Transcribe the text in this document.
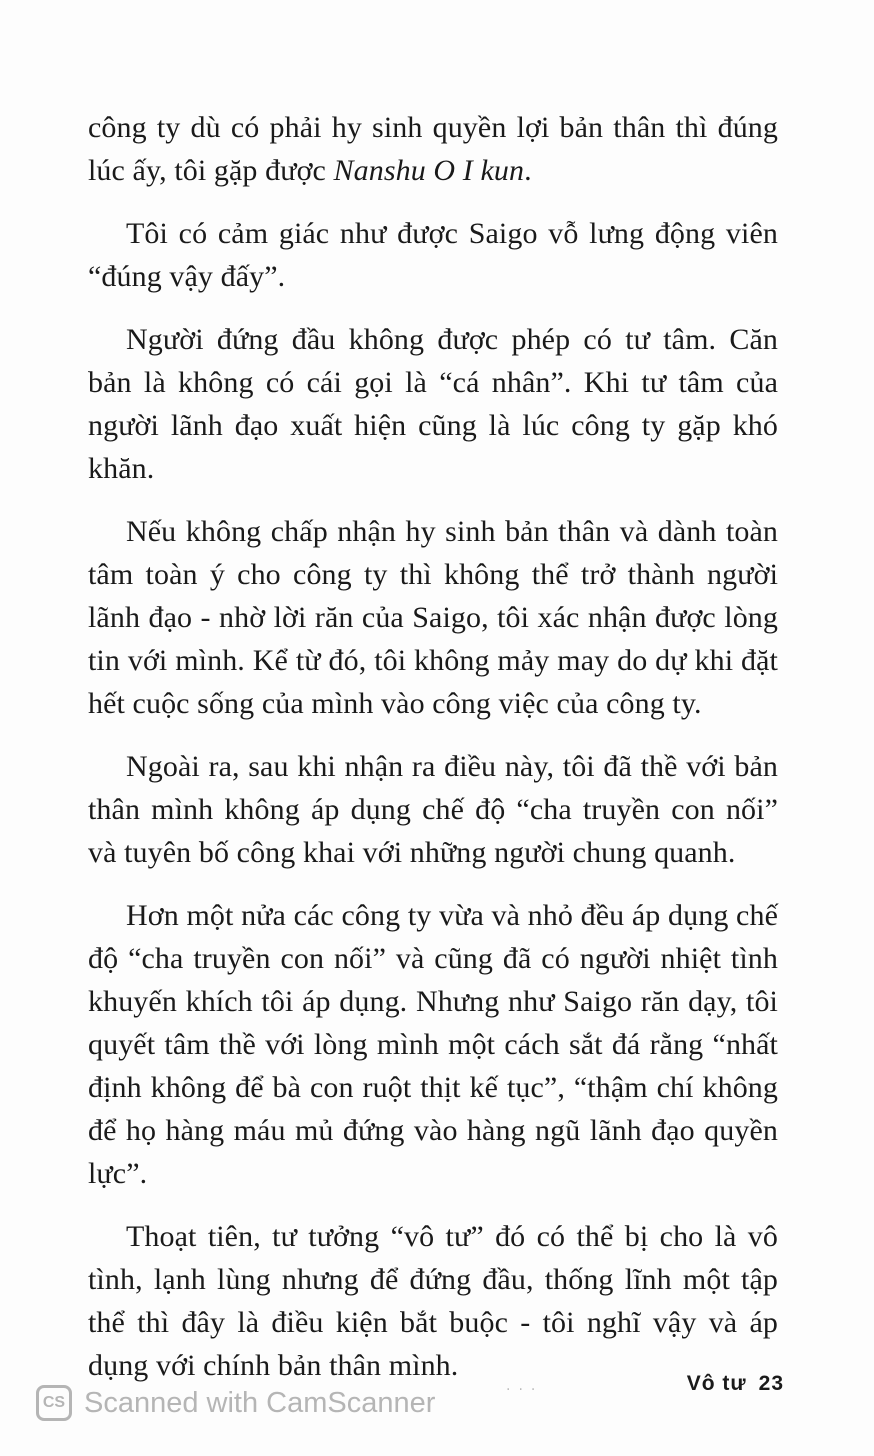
công ty dù có phải hy sinh quyền lợi bản thân thì đúng lúc ấy, tôi gặp được Nanshu O I kun.

Tôi có cảm giác như được Saigo vỗ lưng động viên “đúng vậy đấy”.

Người đứng đầu không được phép có tư tâm. Căn bản là không có cái gọi là “cá nhân”. Khi tư tâm của người lãnh đạo xuất hiện cũng là lúc công ty gặp khó khăn.

Nếu không chấp nhận hy sinh bản thân và dành toàn tâm toàn ý cho công ty thì không thể trở thành người lãnh đạo - nhờ lời răn của Saigo, tôi xác nhận được lòng tin với mình. Kể từ đó, tôi không mảy may do dự khi đặt hết cuộc sống của mình vào công việc của công ty.

Ngoài ra, sau khi nhận ra điều này, tôi đã thề với bản thân mình không áp dụng chế độ “cha truyền con nối” và tuyên bố công khai với những người chung quanh.

Hơn một nửa các công ty vừa và nhỏ đều áp dụng chế độ “cha truyền con nối” và cũng đã có người nhiệt tình khuyến khích tôi áp dụng. Nhưng như Saigo răn dạy, tôi quyết tâm thề với lòng mình một cách sắt đá rằng “nhất định không để bà con ruột thịt kế tục”, “thậm chí không để họ hàng máu mủ đứng vào hàng ngũ lãnh đạo quyền lực”.

Thoạt tiên, tư tưởng “vô tư” đó có thể bị cho là vô tình, lạnh lùng nhưng để đứng đầu, thống lĩnh một tập thể thì đây là điều kiện bắt buộc - tôi nghĩ vậy và áp dụng với chính bản thân mình.

···	Vô tư 23
CS Scanned with CamScanner
